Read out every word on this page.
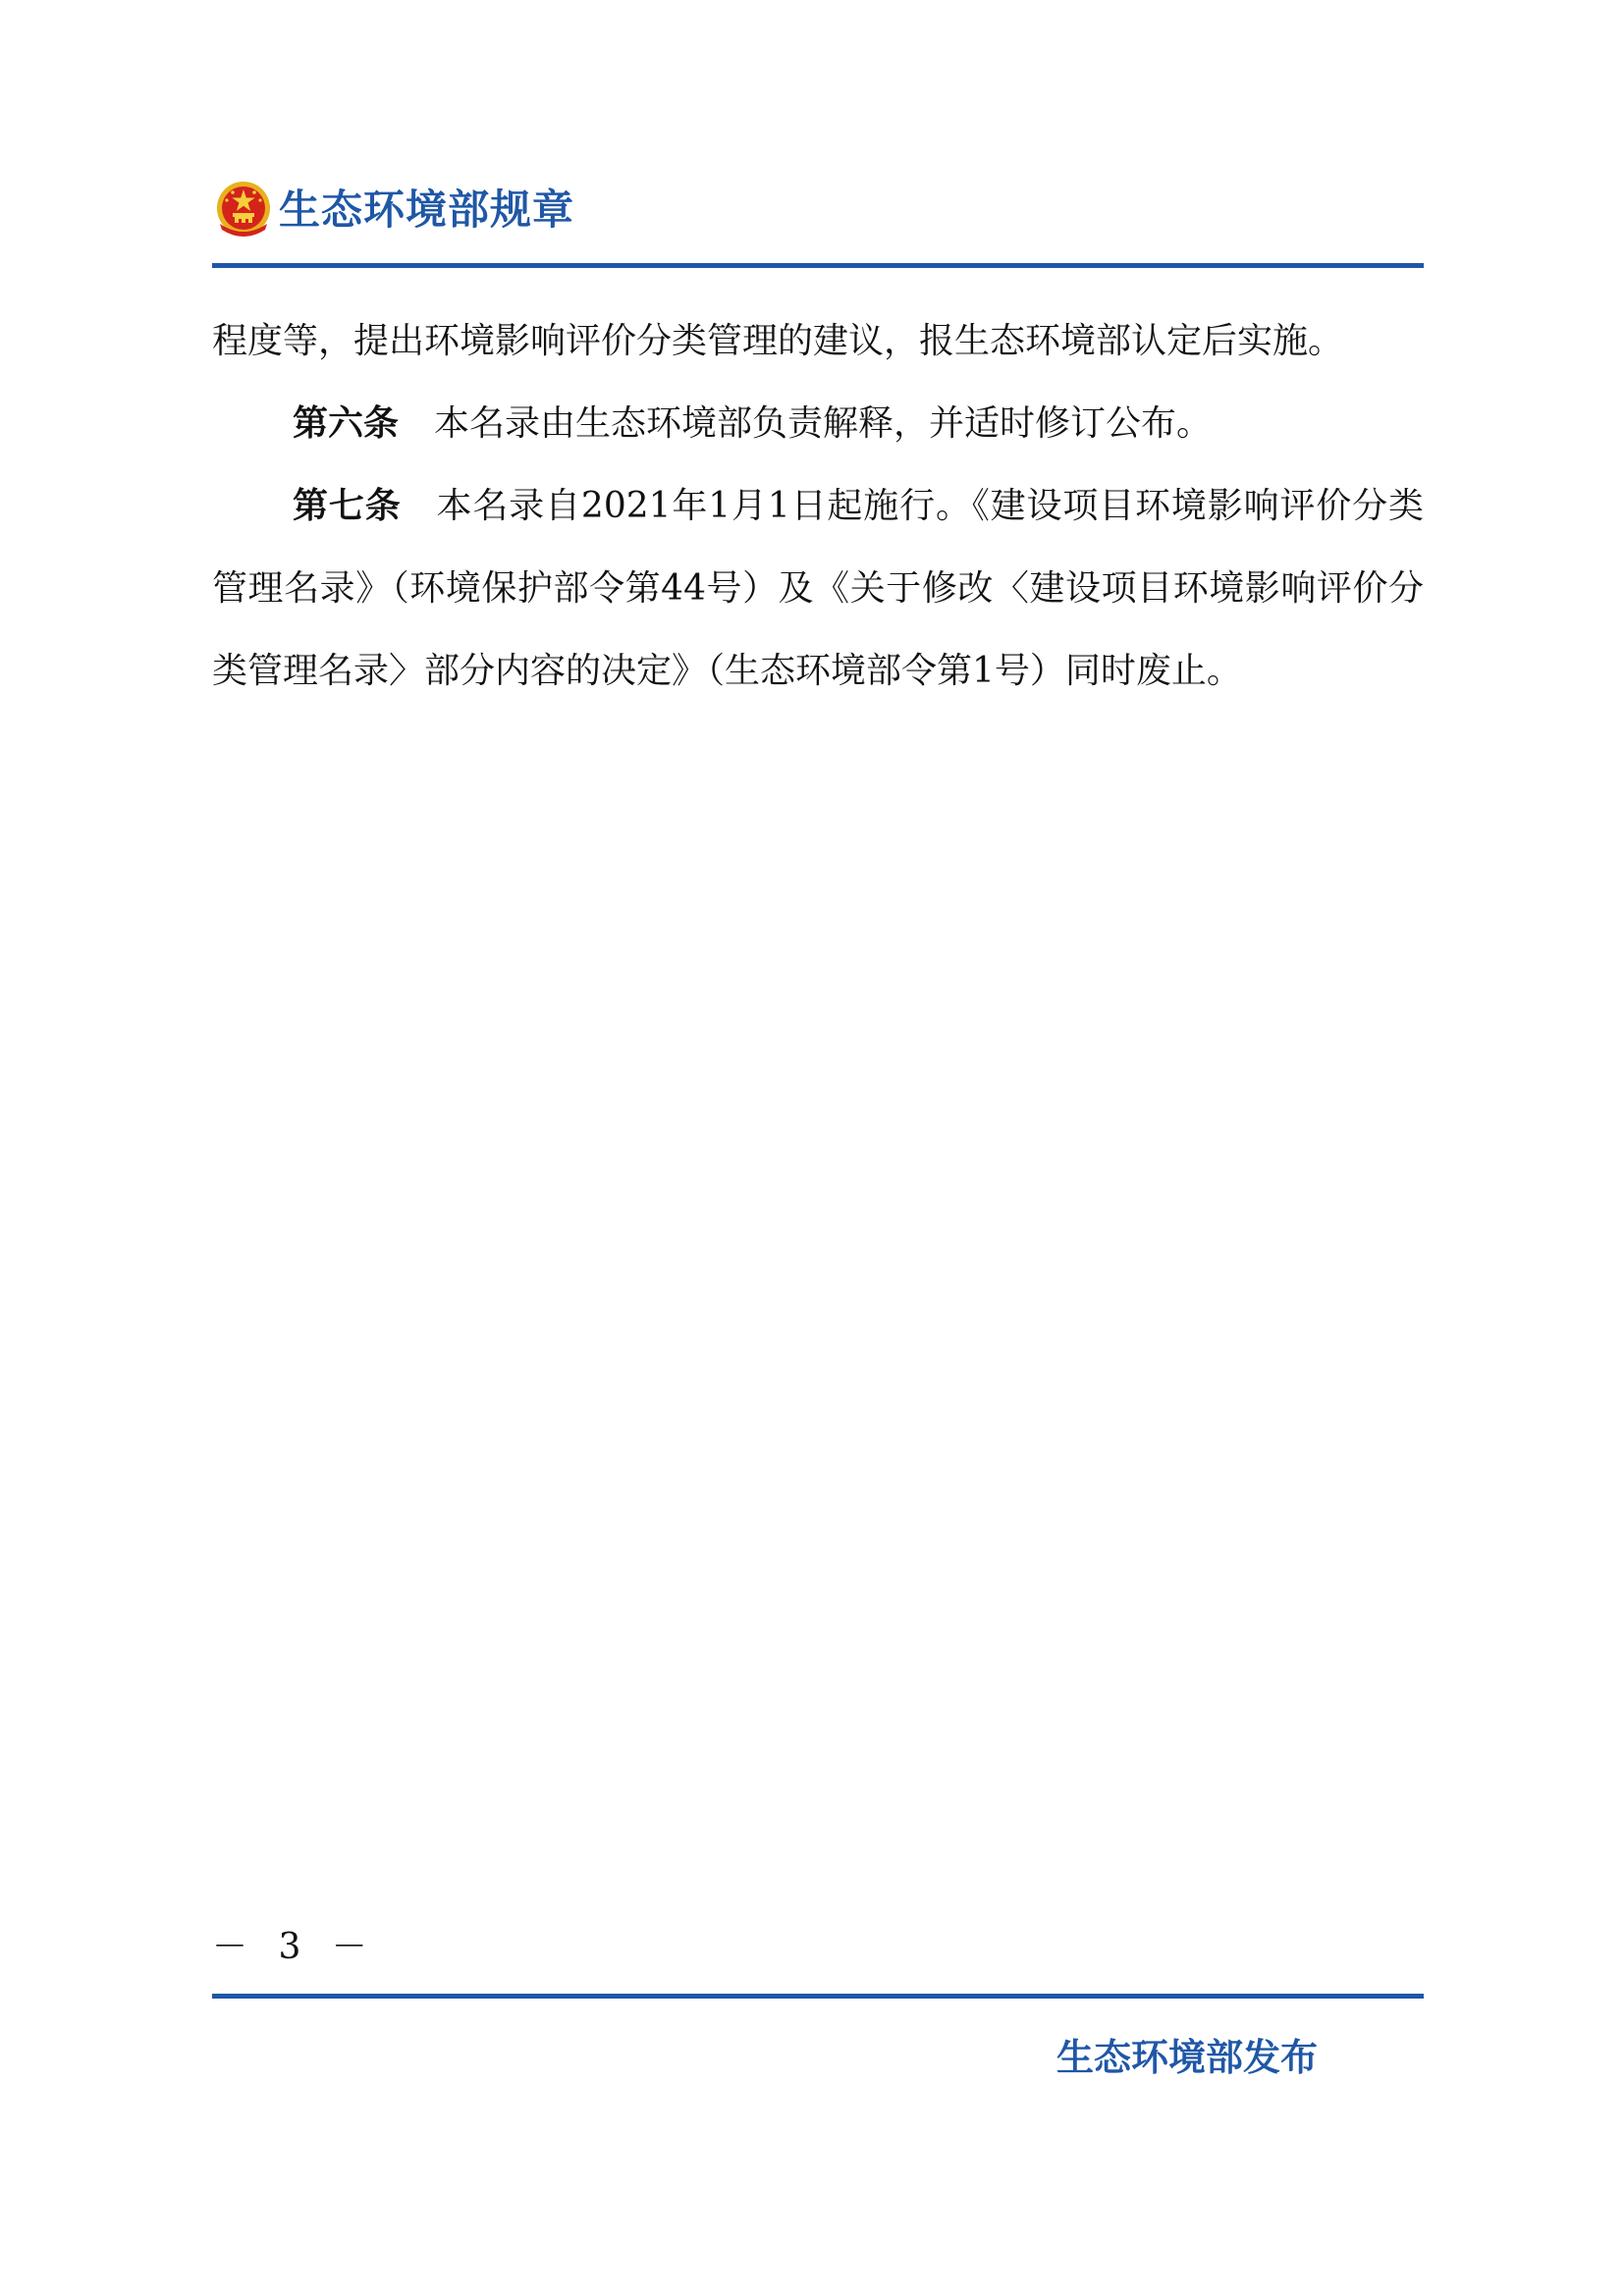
生态环境部规章

程度等，提出环境影响评价分类管理的建议，报生态环境部认定后实施。

第六条 本名录由生态环境部负责解释，并适时修订公布。

第七条 本名录自2021年1月1日起施行。《建设项目环境影响评价分类管理名录》（环境保护部令第44号）及《关于修改〈建设项目环境影响评价分类管理名录〉部分内容的决定》（生态环境部令第1号）同时废止。

－ 3 －
生态环境部发布
